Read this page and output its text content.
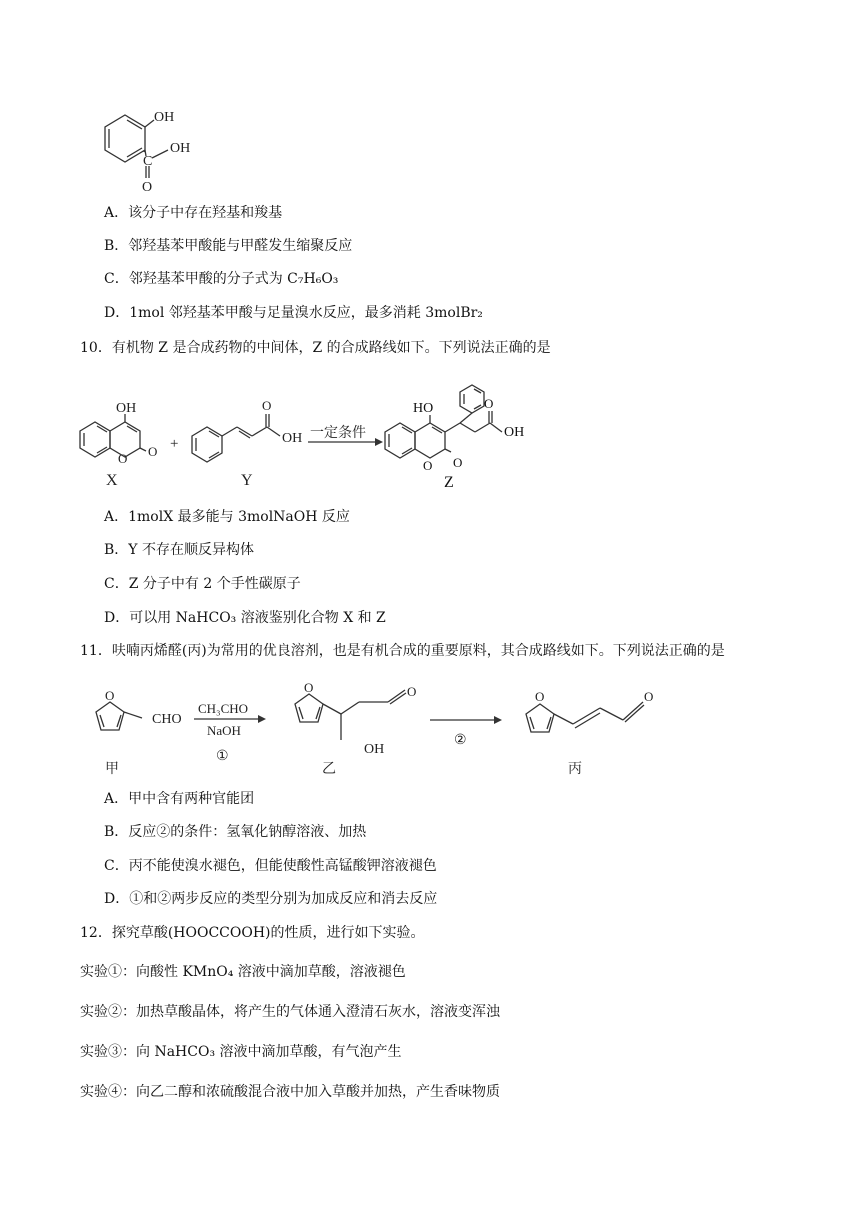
OH
C
OH
O
A．该分子中存在羟基和羧基
B．邻羟基苯甲酸能与甲醛发生缩聚反应
C．邻羟基苯甲酸的分子式为 C₇H₆O₃
D．1mol 邻羟基苯甲酸与足量溴水反应，最多消耗 3molBr₂
10．有机物 Z 是合成药物的中间体，Z 的合成路线如下。下列说法正确的是
OH
O O
X
+
O
OH
Y
一定条件
HO
O O
O
OH
Z
A．1molX 最多能与 3molNaOH 反应
B．Y 不存在顺反异构体
C．Z 分子中有 2 个手性碳原子
D．可以用 NaHCO₃ 溶液鉴别化合物 X 和 Z
11．呋喃丙烯醛(丙)为常用的优良溶剂，也是有机合成的重要原料，其合成路线如下。下列说法正确的是
O
CHO
甲
CH₃CHO
NaOH
①
O	O
OH
乙
②
O	O
丙
A．甲中含有两种官能团
B．反应②的条件：氢氧化钠醇溶液、加热
C．丙不能使溴水褪色，但能使酸性高锰酸钾溶液褪色
D．①和②两步反应的类型分别为加成反应和消去反应
12．探究草酸(HOOCCOOH)的性质，进行如下实验。
实验①：向酸性 KMnO₄ 溶液中滴加草酸，溶液褪色
实验②：加热草酸晶体，将产生的气体通入澄清石灰水，溶液变浑浊
实验③：向 NaHCO₃ 溶液中滴加草酸，有气泡产生
实验④：向乙二醇和浓硫酸混合液中加入草酸并加热，产生香味物质
